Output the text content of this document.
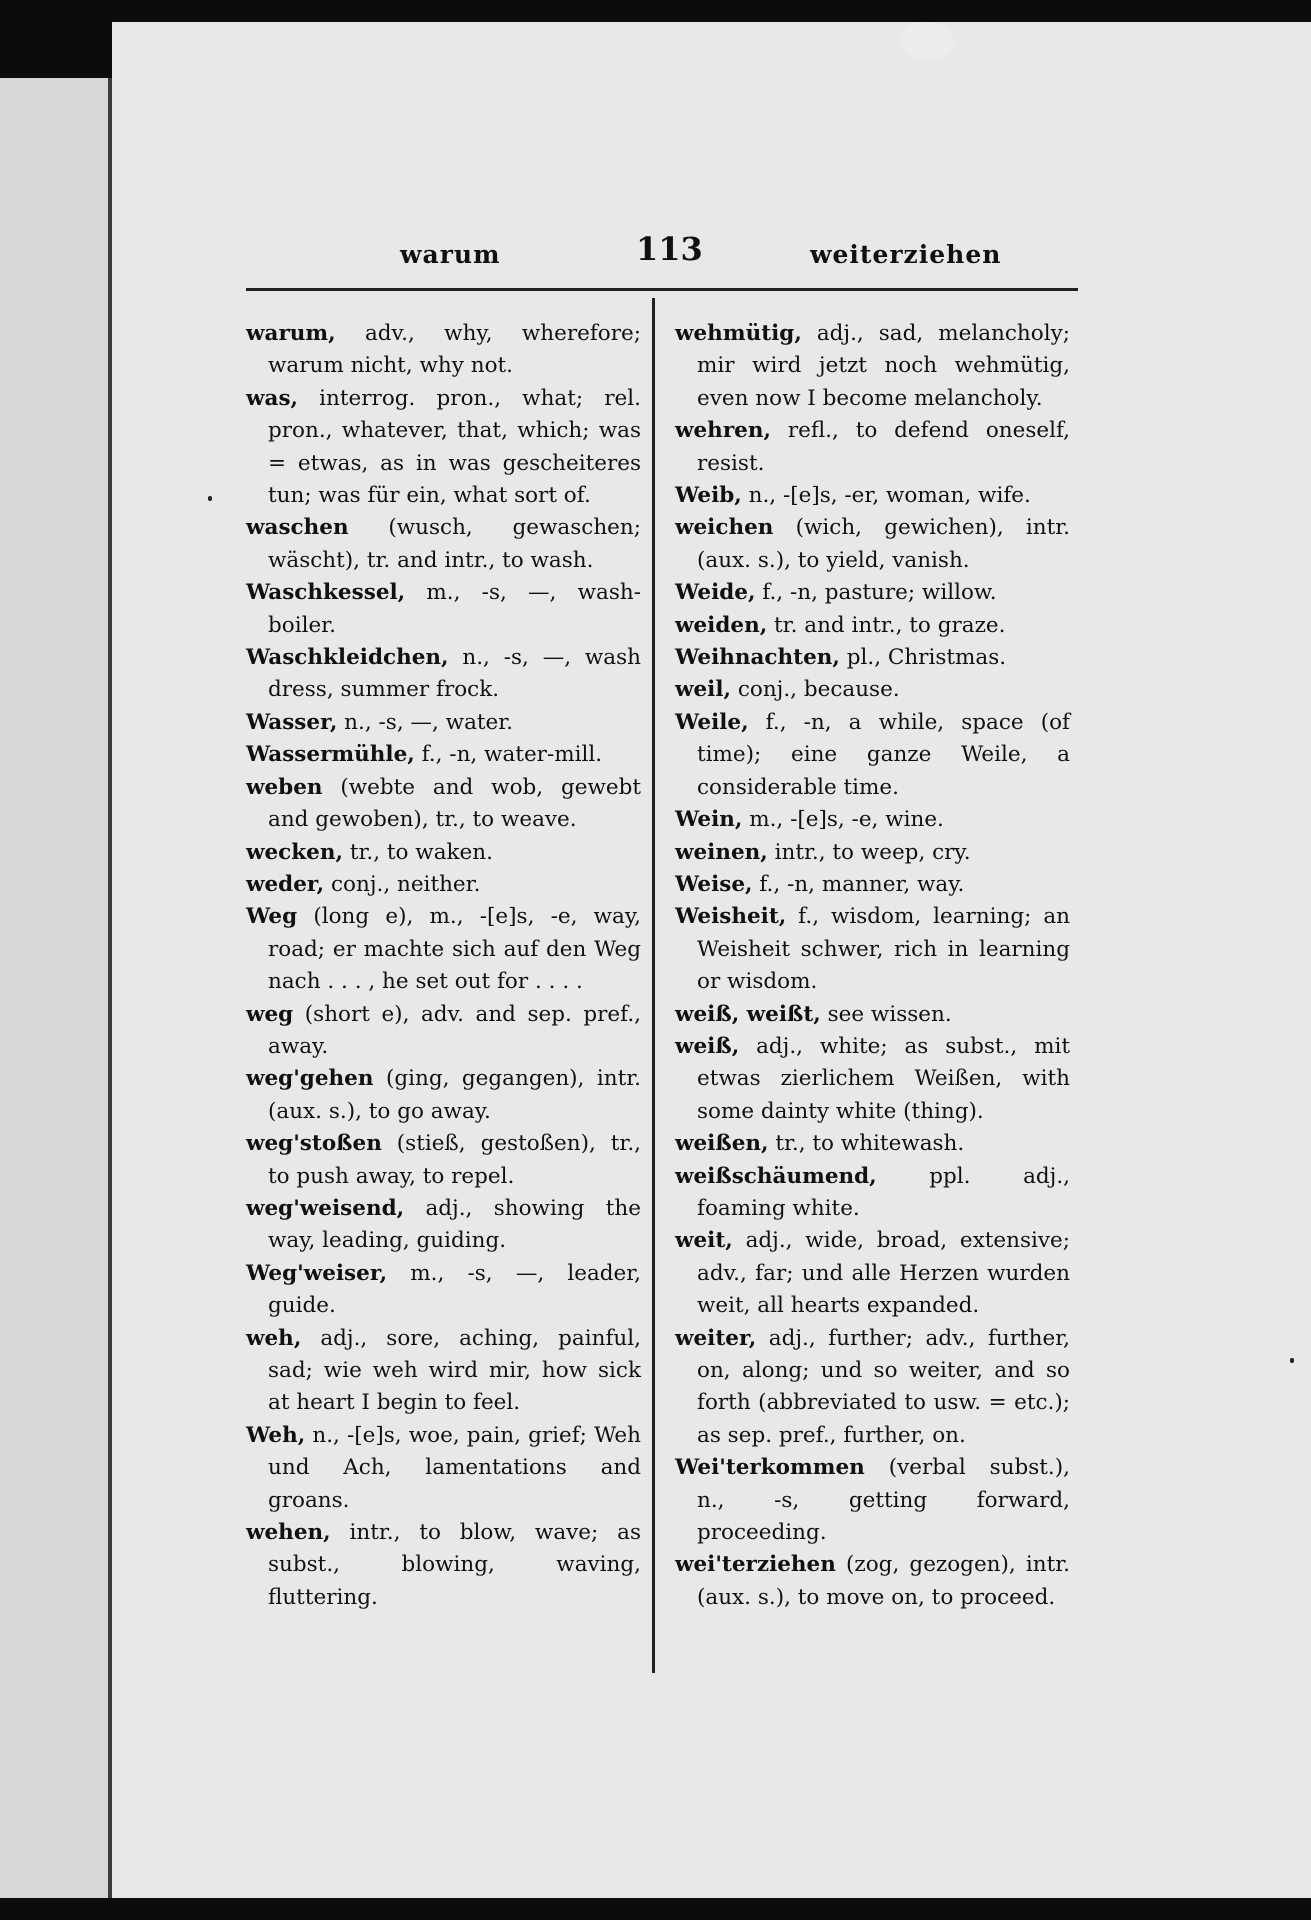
warum	113	weiterziehen
warum, adv., why, wherefore; warum nicht, why not.
was, interrog. pron., what; rel. pron., whatever, that, which; was = etwas, as in was gescheiteres tun; was für ein, what sort of.
waschen (wusch, gewaschen; wäscht), tr. and intr., to wash.
Waschkessel, m., -s, —, wash-boiler.
Waschkleidchen, n., -s, —, wash dress, summer frock.
Wasser, n., -s, —, water.
Wassermühle, f., -n, water-mill.
weben (webte and wob, gewebt and gewoben), tr., to weave.
wecken, tr., to waken.
weder, conj., neither.
Weg (long e), m., -[e]s, -e, way, road; er machte sich auf den Weg nach . . . , he set out for . . . .
weg (short e), adv. and sep. pref., away.
weg'gehen (ging, gegangen), intr. (aux. s.), to go away.
weg'stoßen (stieß, gestoßen), tr., to push away, to repel.
weg'weisend, adj., showing the way, leading, guiding.
Weg'weiser, m., -s, —, leader, guide.
weh, adj., sore, aching, painful, sad; wie weh wird mir, how sick at heart I begin to feel.
Weh, n., -[e]s, woe, pain, grief; Weh und Ach, lamentations and groans.
wehen, intr., to blow, wave; as subst., blowing, waving, fluttering.
wehmütig, adj., sad, melancholy; mir wird jetzt noch wehmütig, even now I become melancholy.
wehren, refl., to defend oneself, resist.
Weib, n., -[e]s, -er, woman, wife.
weichen (wich, gewichen), intr. (aux. s.), to yield, vanish.
Weide, f., -n, pasture; willow.
weiden, tr. and intr., to graze.
Weihnachten, pl., Christmas.
weil, conj., because.
Weile, f., -n, a while, space (of time); eine ganze Weile, a considerable time.
Wein, m., -[e]s, -e, wine.
weinen, intr., to weep, cry.
Weise, f., -n, manner, way.
Weisheit, f., wisdom, learning; an Weisheit schwer, rich in learning or wisdom.
weiß, weißt, see wissen.
weiß, adj., white; as subst., mit etwas zierlichem Weißen, with some dainty white (thing).
weißen, tr., to whitewash.
weißschäumend, ppl. adj., foaming white.
weit, adj., wide, broad, extensive; adv., far; und alle Herzen wurden weit, all hearts expanded.
weiter, adj., further; adv., further, on, along; und so weiter, and so forth (abbreviated to usw. = etc.); as sep. pref., further, on.
Wei'terkommen (verbal subst.), n., -s, getting forward, proceeding.
wei'terziehen (zog, gezogen), intr. (aux. s.), to move on, to proceed.
